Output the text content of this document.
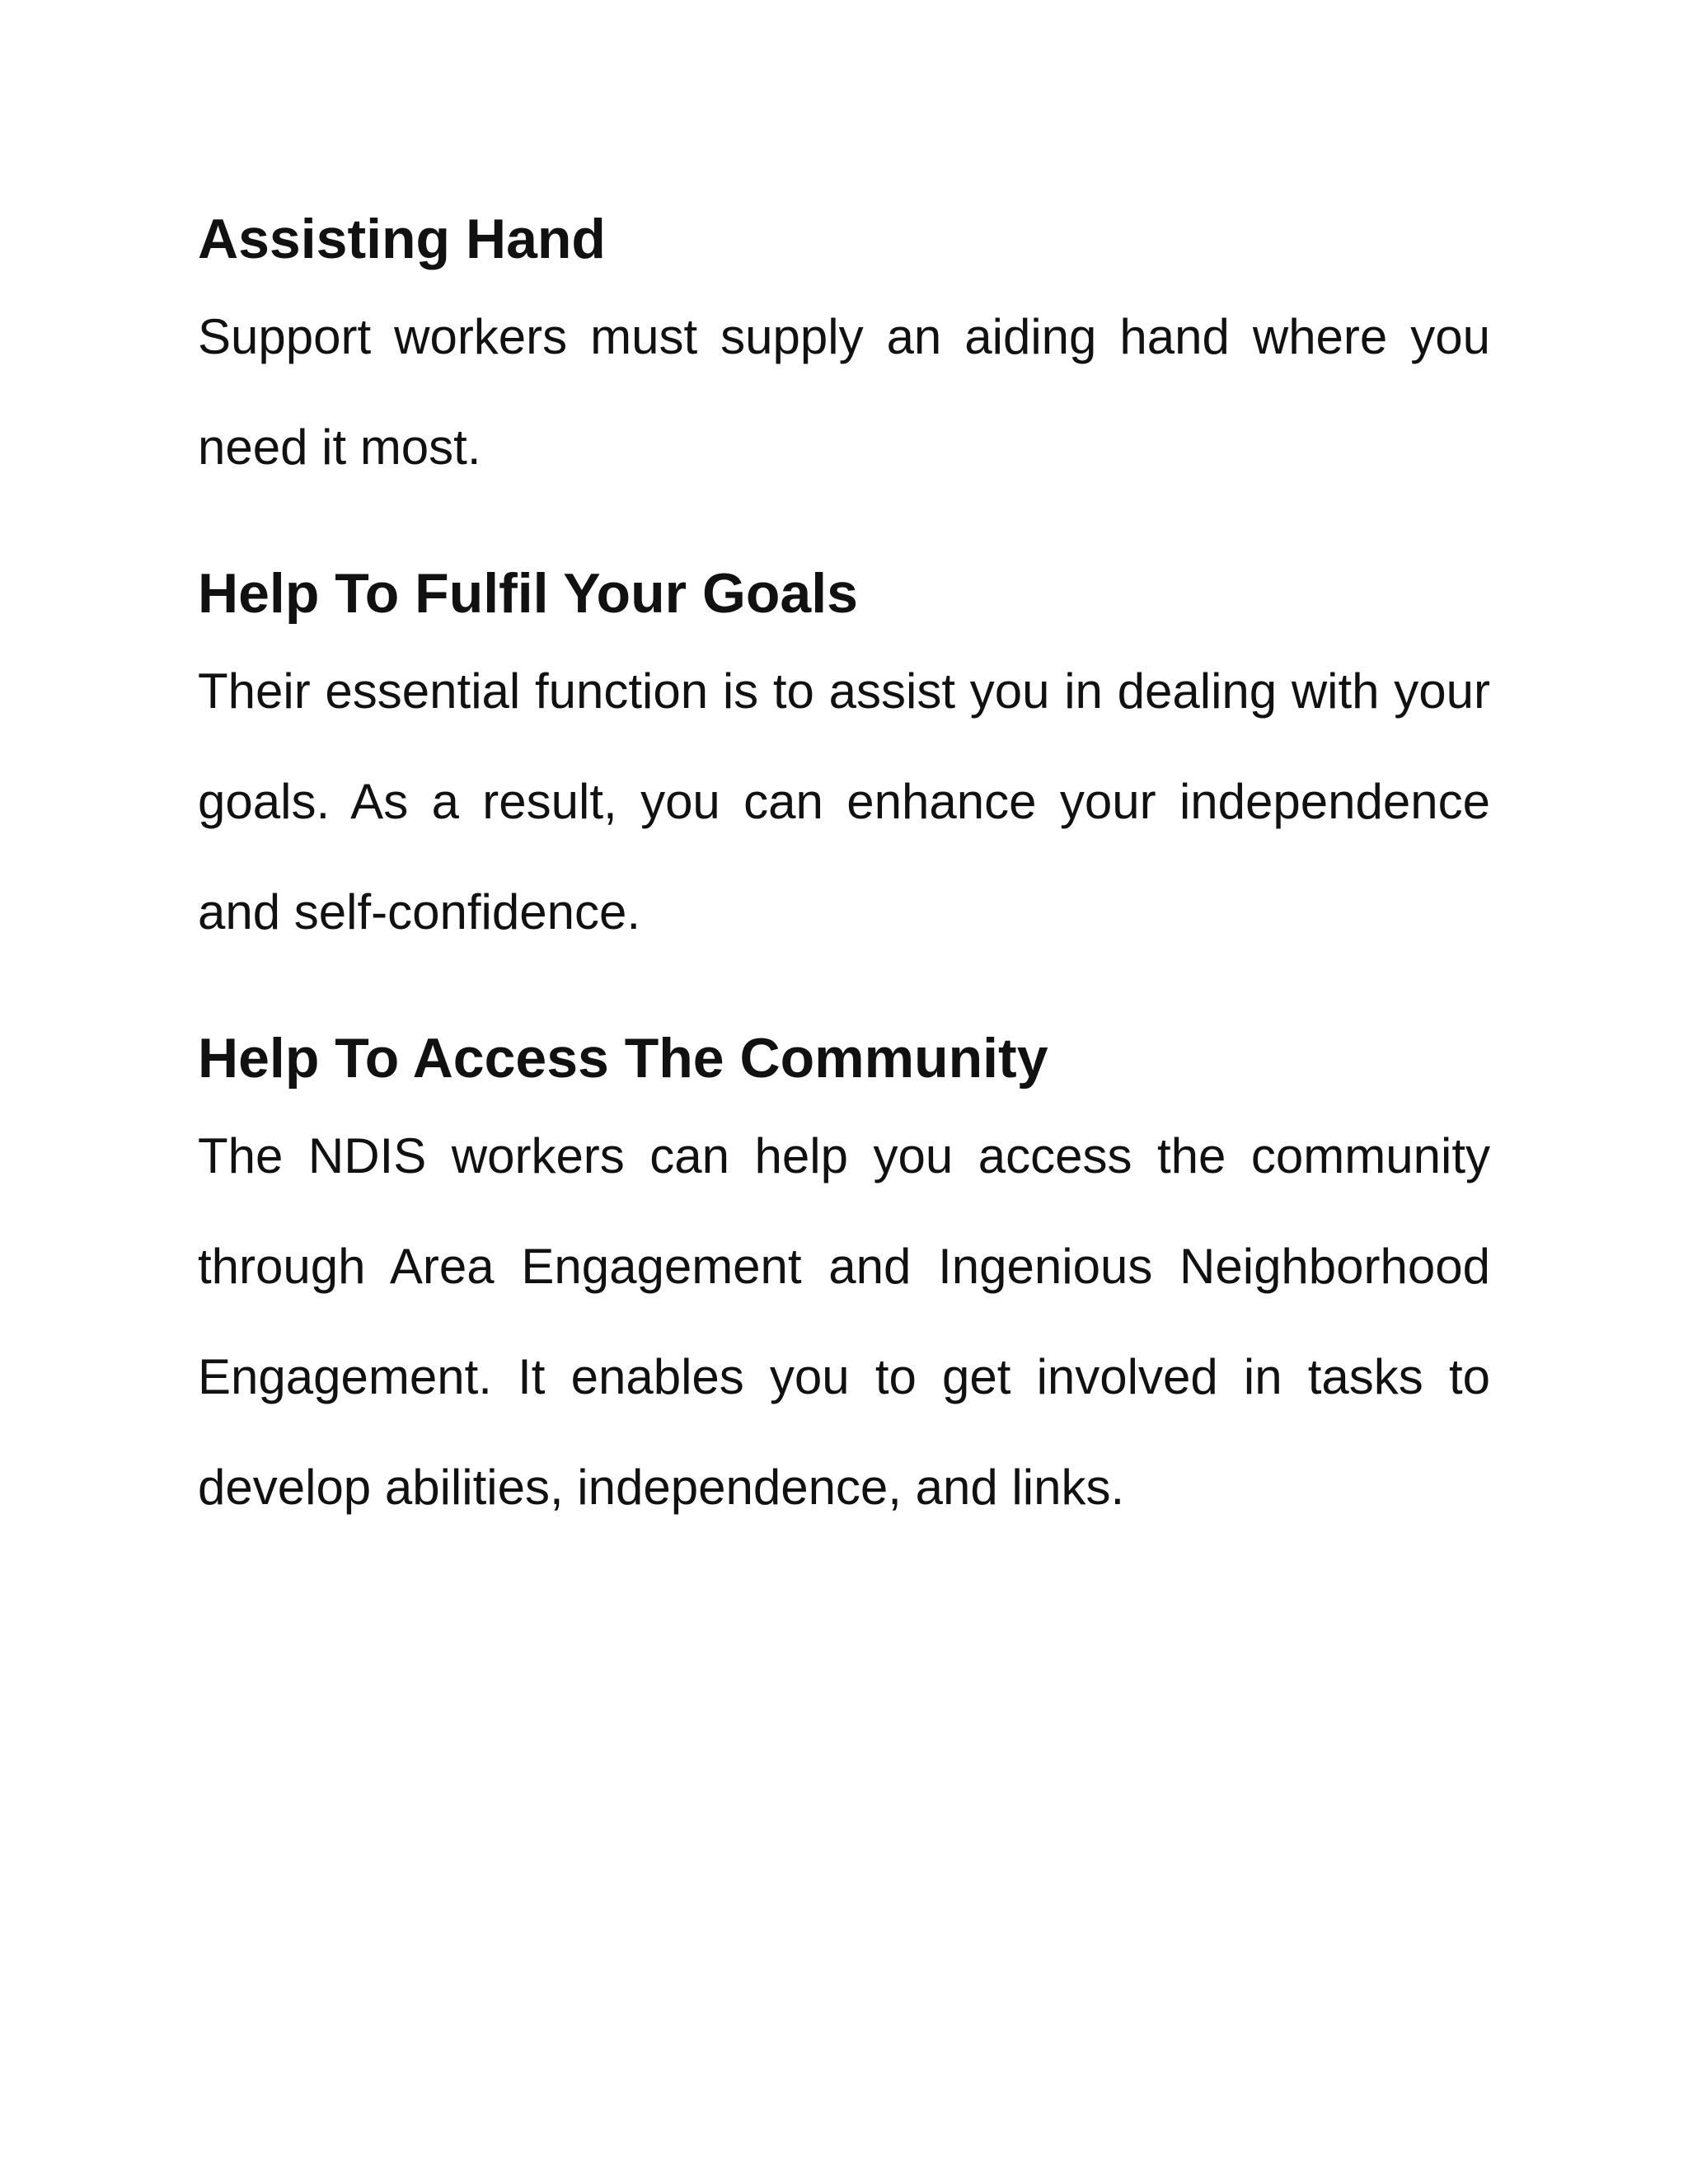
Assisting Hand

Support workers must supply an aiding hand where you need it most.

Help To Fulfil Your Goals

Their essential function is to assist you in dealing with your goals. As a result, you can enhance your independence and self-confidence.

Help To Access The Community

The NDIS workers can help you access the community through Area Engagement and Ingenious Neighborhood Engagement. It enables you to get involved in tasks to develop abilities, independence, and links.
